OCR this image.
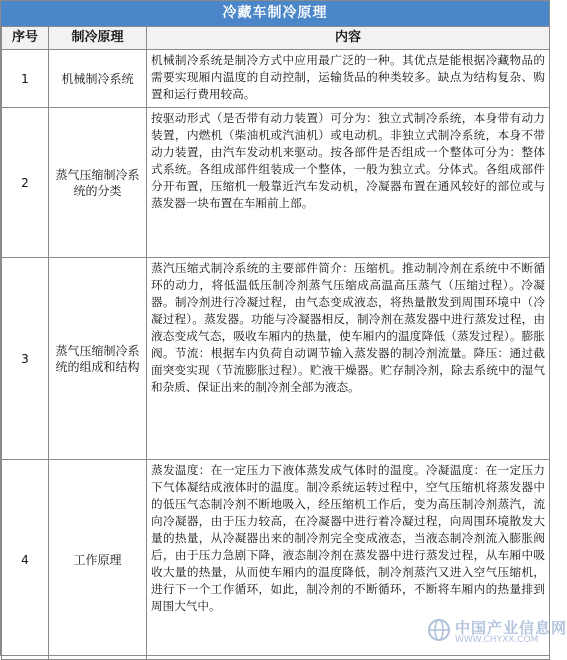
冷藏车制冷原理
序号	制冷原理	内容
1	机械制冷系统	机械制冷系统是制冷方式中应用最广泛的一种。其优点是能根据冷藏物品的需要实现厢内温度的自动控制，运输货品的种类较多。缺点为结构复杂、购置和运行费用较高。

2	蒸气压缩制冷系统的分类	按驱动形式（是否带有动力装置）可分为：独立式制冷系统，本身带有动力装置，内燃机（柴油机或汽油机）或电动机。非独立式制冷系统，本身不带动力装置，由汽车发动机来驱动。按各部件是否组成一个整体可分为：整体式系统。各组成部件组装成一个整体，一般为独立式。分体式。各组成部件分开布置，压缩机一般靠近汽车发动机，冷凝器布置在通风较好的部位或与蒸发器一块布置在车厢前上部。

3	蒸气压缩制冷系统的组成和结构	蒸汽压缩式制冷系统的主要部件简介：压缩机。推动制冷剂在系统中不断循环的动力，将低温低压制冷剂蒸气压缩成高温高压蒸气（压缩过程）。冷凝器。制冷剂进行冷凝过程，由气态变成液态，将热量散发到周围环境中（冷凝过程）。蒸发器。功能与冷凝器相反，制冷剂在蒸发器中进行蒸发过程，由液态变成气态，吸收车厢内的热量，使车厢内的温度降低（蒸发过程）。膨胀阀。节流：根据车内负荷自动调节输入蒸发器的制冷剂流量。降压：通过截面突变实现（节流膨胀过程）。贮液干燥器。贮存制冷剂，除去系统中的湿气和杂质、保证出来的制冷剂全部为液态。

4	工作原理	蒸发温度：在一定压力下液体蒸发成气体时的温度。冷凝温度：在一定压力下气体凝结成液体时的温度。制冷系统运转过程中，空气压缩机将蒸发器中的低压气态制冷剂不断地吸入，经压缩机工作后，变为高压制冷剂蒸汽，流向冷凝器，由于压力较高，在冷凝器中进行着冷凝过程，向周围环境散发大量的热量，从冷凝器出来的制冷剂完全变成液态，当液态制冷剂流入膨胀阀后，由于压力急剧下降，液态制冷剂在蒸发器中进行蒸发过程，从车厢中吸收大量的热量，从而使车厢内的温度降低，制冷剂蒸汽又进入空气压缩机，进行下一个工作循环，如此，制冷剂的不断循环，不断将车厢内的热量排到周围大气中。
中国产业信息网
WWW.CHYXX.COM
